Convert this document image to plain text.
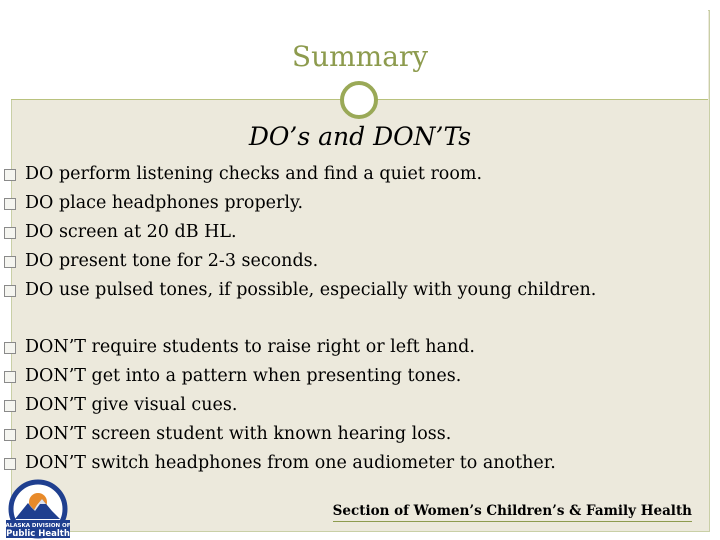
Summary
DO’s and DON’Ts
DO perform listening checks and find a quiet room.
DO place headphones properly.
DO screen at 20 dB HL.
DO present tone for 2-3 seconds.
DO use pulsed tones, if possible, especially with young children.
DON’T require students to raise right or left hand.
DON’T get into a pattern when presenting tones.
DON’T give visual cues.
DON’T screen student with known hearing loss.
DON’T switch headphones from one audiometer to another.
ALASKA DIVISION OF
Public Health
Section of Women’s Children’s & Family Health
